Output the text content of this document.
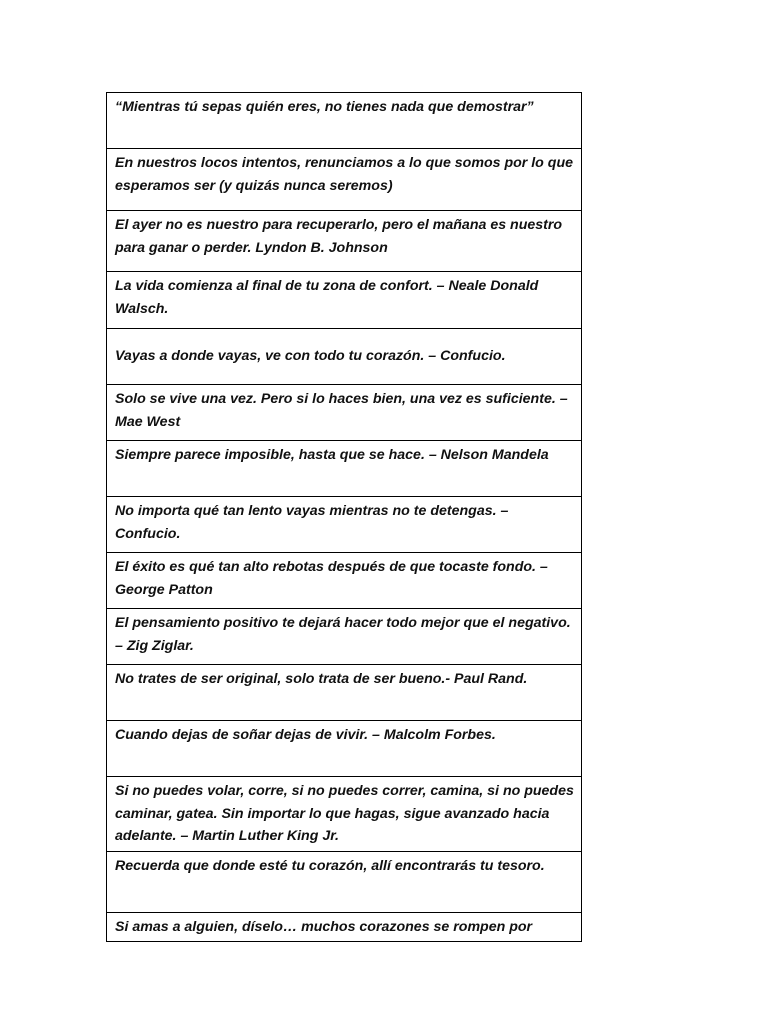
“Mientras tú sepas quién eres, no tienes nada que demostrar”
En nuestros locos intentos, renunciamos a lo que somos por lo que esperamos ser (y quizás nunca seremos)
El ayer no es nuestro para recuperarlo, pero el mañana es nuestro para ganar o perder. Lyndon B. Johnson
La vida comienza al final de tu zona de confort. – Neale Donald Walsch.
Vayas a donde vayas, ve con todo tu corazón. – Confucio.
Solo se vive una vez. Pero si lo haces bien, una vez es suficiente. – Mae West
Siempre parece imposible, hasta que se hace. – Nelson Mandela
No importa qué tan lento vayas mientras no te detengas. – Confucio.
El éxito es qué tan alto rebotas después de que tocaste fondo. – George Patton
El pensamiento positivo te dejará hacer todo mejor que el negativo. – Zig Ziglar.
No trates de ser original, solo trata de ser bueno.- Paul Rand.
Cuando dejas de soñar dejas de vivir. – Malcolm Forbes.
Si no puedes volar, corre, si no puedes correr, camina, si no puedes caminar, gatea. Sin importar lo que hagas, sigue avanzado hacia adelante. – Martin Luther King Jr.
Recuerda que donde esté tu corazón, allí encontrarás tu tesoro.
Si amas a alguien, díselo… muchos corazones se rompen por
